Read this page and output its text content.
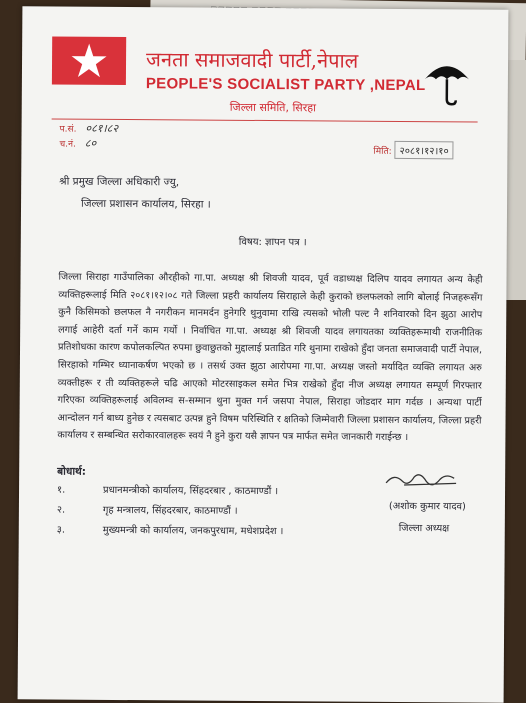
जनता समाजवादी पार्टी,नेपाल
PEOPLE'S SOCIALIST PARTY ,NEPAL
जिल्ला समिति, सिरहा
प.सं. ०८१।८२
च.नं. ८०
मिति: २०८१।१२।१०
श्री प्रमुख जिल्ला अधिकारी ज्यु,
जिल्ला प्रशासन कार्यालय, सिरहा ।
विषय: ज्ञापन पत्र ।
जिल्ला सिराहा गाउँपालिका औरहीको गा.पा. अध्यक्ष श्री शिवजी यादव, पूर्व वडाध्यक्ष दिलिप यादव लगायत अन्य केही व्यक्तिहरूलाई मिति २०८१।१२।०८ गते जिल्ला प्रहरी कार्यालय सिराहाले केही कुराको छलफलको लागि बोलाई निजहरूसँग कुनै किसिमको छलफल नै नगरीकन मानमर्दन हुनेगरि थुनुवामा राखि त्यसको भोली पल्ट नै शनिवारको दिन झुठा आरोप लगाई आहेरी दर्ता गर्ने काम गर्यो । निर्वाचित गा.पा. अध्यक्ष श्री शिवजी यादव लगायतका व्यक्तिहरूमाथी राजनीतिक प्रतिशोधका कारण कपोलकल्पित रुपमा छुवाछुतको मुद्दालाई प्रताडित गरि थुनामा राखेको हुँदा जनता समाजवादी पार्टी नेपाल, सिरहाको गम्भिर ध्यानाकर्षण भएको छ । तसर्थ उक्त झुठा आरोपमा गा.पा. अध्यक्ष जस्तो मर्यादित व्यक्ति लगायत अरु व्यक्तीहरू र ती व्यक्तिहरूले चढि आएको मोटरसाइकल समेत भित्र राखेको हुँदा नीज अध्यक्ष लगायत सम्पूर्ण गिरफ्तार गरिएका व्यक्तिहरूलाई अविलम्व स-सम्मान थुना मुक्त गर्न जसपा नेपाल, सिराहा जोडदार माग गर्दछ । अन्यथा पार्टी आन्दोलन गर्न बाध्य हुनेछ र त्यसबाट उत्पन्न हुने विषम परिस्थिति र क्षतिको जिम्मेवारी जिल्ला प्रशासन कार्यालय, जिल्ला प्रहरी कार्यालय र सम्बन्धित सरोकारवालहरू स्वयं नै हुने कुरा यसै ज्ञापन पत्र मार्फत समेत जानकारी गराईन्छ ।
बोधार्थ:
१.	प्रधानमन्त्रीको कार्यालय, सिंहदरबार , काठमाण्डौं ।
२.	गृह मन्त्रालय, सिंहदरबार, काठमाण्डौं ।
३.	मुख्यमन्त्री को कार्यालय, जनकपुरधाम, मधेशप्रदेश ।
(अशोक कुमार यादव)
जिल्ला अध्यक्ष
